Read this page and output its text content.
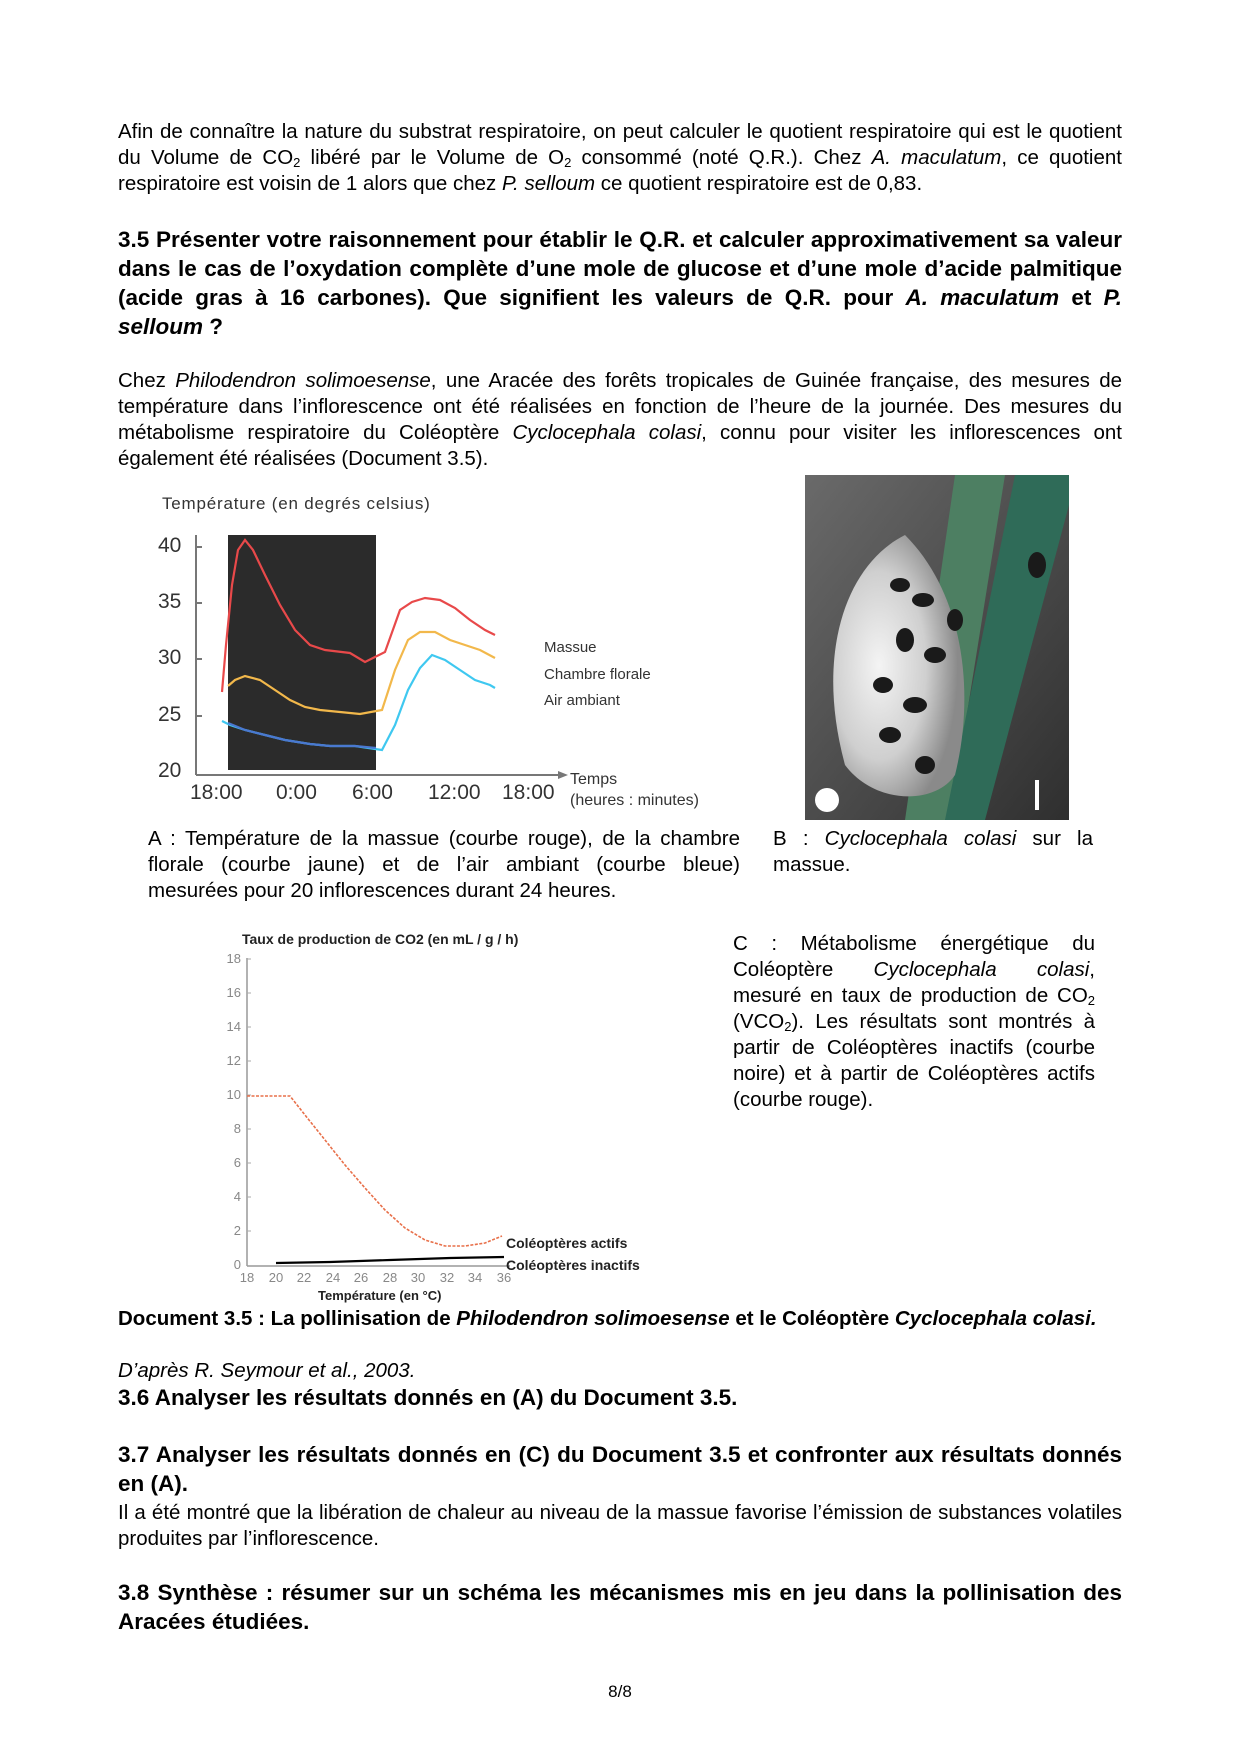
Afin de connaître la nature du substrat respiratoire, on peut calculer le quotient respiratoire qui est le quotient du Volume de $CO_2$ libéré par le Volume de $O_2$ consommé (noté Q.R.). Chez A. maculatum, ce quotient respiratoire est voisin de 1 alors que chez P. selloum ce quotient respiratoire est de 0,83.

3.5 Présenter votre raisonnement pour établir le Q.R. et calculer approximativement sa valeur dans le cas de l’oxydation complète d’une mole de glucose et d’une mole d’acide palmitique (acide gras à 16 carbones). Que signifient les valeurs de Q.R. pour A. maculatum et P. selloum ?

Chez Philodendron solimoesense, une Aracée des forêts tropicales de Guinée française, des mesures de température dans l’inflorescence ont été réalisées en fonction de l’heure de la journée. Des mesures du métabolisme respiratoire du Coléoptère Cyclocephala colasi, connu pour visiter les inflorescences ont également été réalisées (Document 3.5).

Température (en degrés celsius)
40
35
30
25
20
18:00 0:00 6:00 12:00 18:00
Temps
(heures : minutes)
Massue
Chambre florale
Air ambiant

A : Température de la massue (courbe rouge), de la chambre florale (courbe jaune) et de l’air ambiant (courbe bleue) mesurées pour 20 inflorescences durant 24 heures.

B : Cyclocephala colasi sur la massue.

Taux de production de CO2 (en mL / g / h)
18
16
14
12
10
8
6
4
2
0
18 20 22 24 26 28 30 32 34 36
Coléoptères actifs
Coléoptères inactifs
Température (en °C)

C : Métabolisme énergétique du Coléoptère Cyclocephala colasi, mesuré en taux de production de $CO_2$ $(VCO_2)$. Les résultats sont montrés à partir de Coléoptères inactifs (courbe noire) et à partir de Coléoptères actifs (courbe rouge).

Document 3.5 : La pollinisation de Philodendron solimoesense et le Coléoptère Cyclocephala colasi.

D’après R. Seymour et al., 2003.

3.6 Analyser les résultats donnés en (A) du Document 3.5.

3.7 Analyser les résultats donnés en (C) du Document 3.5 et confronter aux résultats donnés en (A).

Il a été montré que la libération de chaleur au niveau de la massue favorise l’émission de substances volatiles produites par l’inflorescence.

3.8 Synthèse : résumer sur un schéma les mécanismes mis en jeu dans la pollinisation des Aracées étudiées.

8/8
